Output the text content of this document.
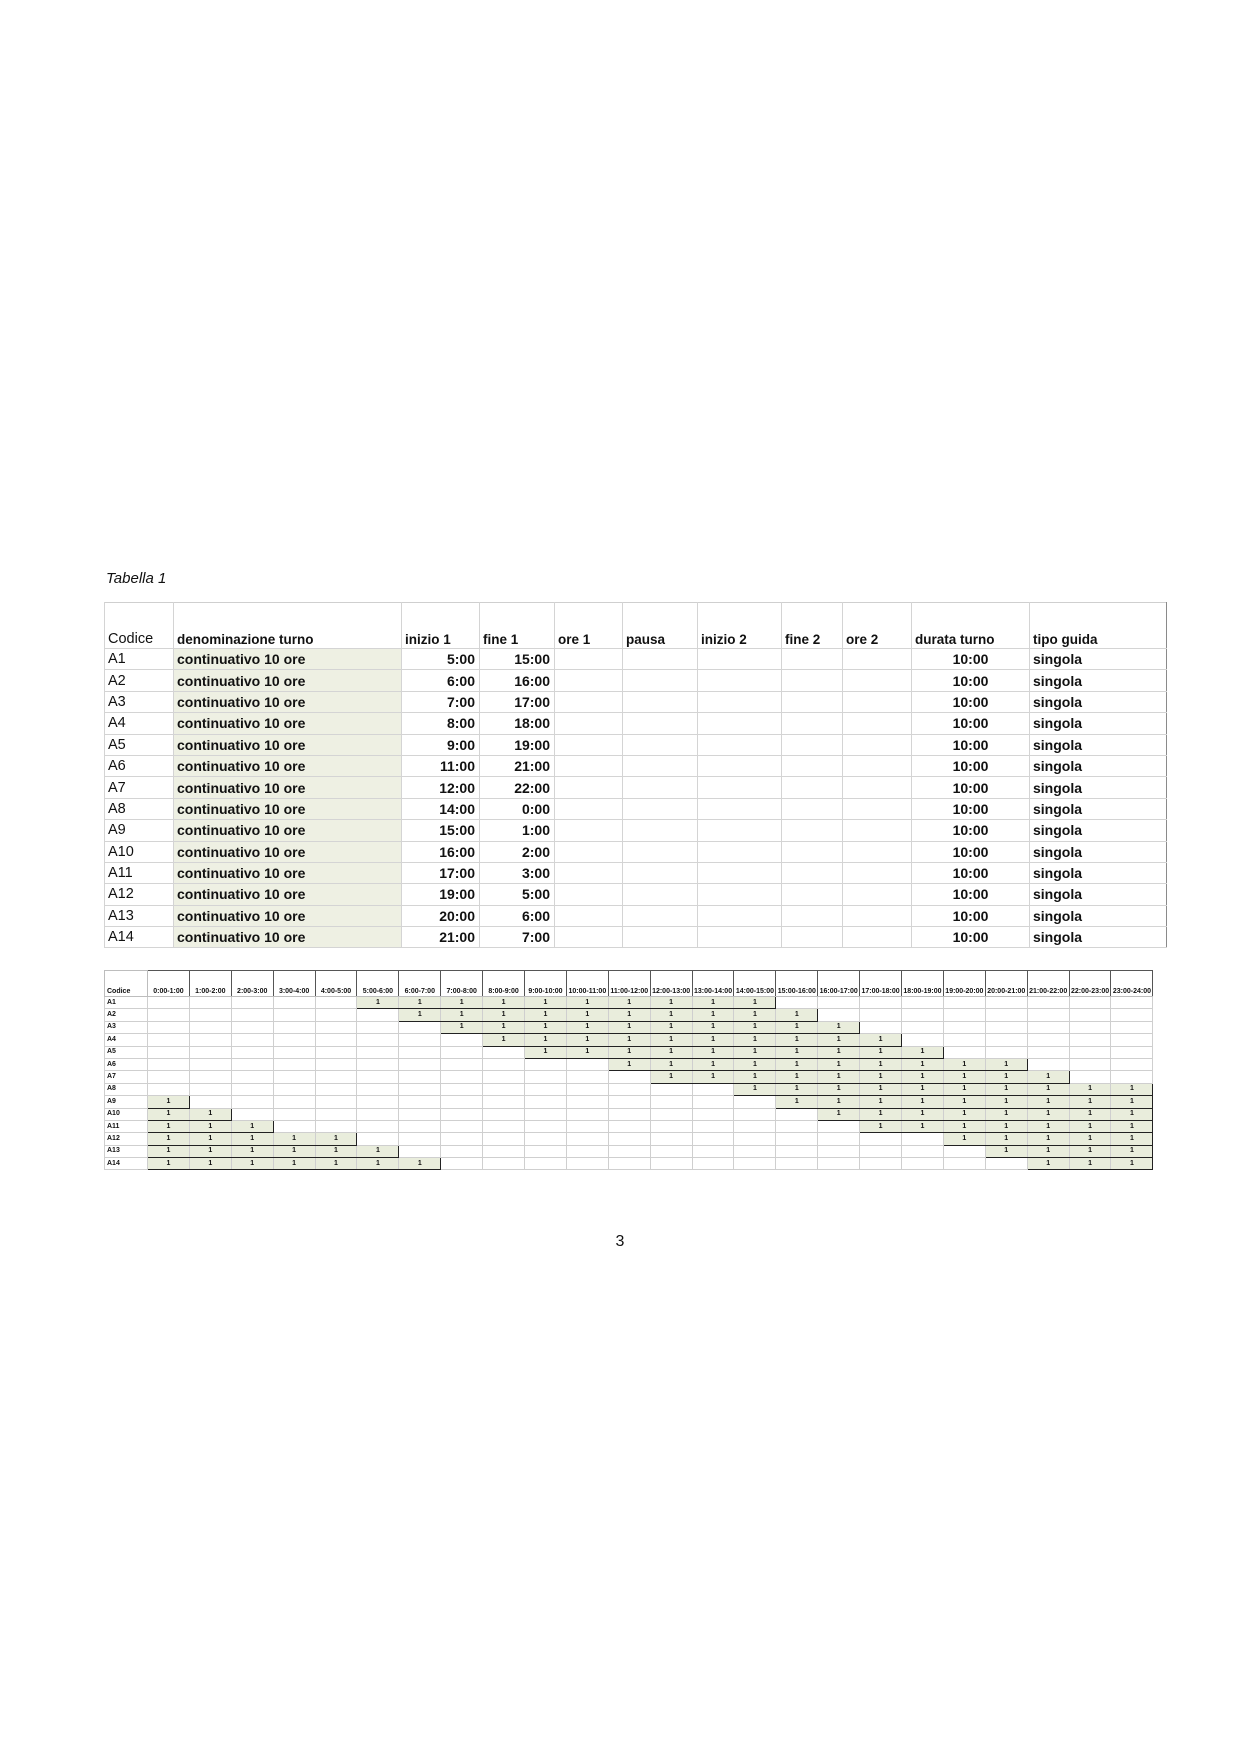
Tabella 1
Codice	denominazione turno	inizio 1	fine 1	ore 1	pausa	inizio 2	fine 2	ore 2	durata turno	tipo guida
A1	continuativo 10 ore	5:00	15:00						10:00	singola
A2	continuativo 10 ore	6:00	16:00						10:00	singola
A3	continuativo 10 ore	7:00	17:00						10:00	singola
A4	continuativo 10 ore	8:00	18:00						10:00	singola
A5	continuativo 10 ore	9:00	19:00						10:00	singola
A6	continuativo 10 ore	11:00	21:00						10:00	singola
A7	continuativo 10 ore	12:00	22:00						10:00	singola
A8	continuativo 10 ore	14:00	0:00						10:00	singola
A9	continuativo 10 ore	15:00	1:00						10:00	singola
A10	continuativo 10 ore	16:00	2:00						10:00	singola
A11	continuativo 10 ore	17:00	3:00						10:00	singola
A12	continuativo 10 ore	19:00	5:00						10:00	singola
A13	continuativo 10 ore	20:00	6:00						10:00	singola
A14	continuativo 10 ore	21:00	7:00						10:00	singola
Codice	0:00-1:00	1:00-2:00	2:00-3:00	3:00-4:00	4:00-5:00	5:00-6:00	6:00-7:00	7:00-8:00	8:00-9:00	9:00-10:00	10:00-11:00	11:00-12:00	12:00-13:00	13:00-14:00	14:00-15:00	15:00-16:00	16:00-17:00	17:00-18:00	18:00-19:00	19:00-20:00	20:00-21:00	21:00-22:00	22:00-23:00	23:00-24:00
A1						1	1	1	1	1	1	1	1	1	1									
A2							1	1	1	1	1	1	1	1	1	1								
A3								1	1	1	1	1	1	1	1	1	1							
A4									1	1	1	1	1	1	1	1	1	1						
A5										1	1	1	1	1	1	1	1	1	1					
A6												1	1	1	1	1	1	1	1	1	1			
A7													1	1	1	1	1	1	1	1	1	1		
A8															1	1	1	1	1	1	1	1	1	1
A9	1															1	1	1	1	1	1	1	1	1
A10	1	1															1	1	1	1	1	1	1	1
A11	1	1	1															1	1	1	1	1	1	1
A12	1	1	1	1	1															1	1	1	1	1
A13	1	1	1	1	1	1															1	1	1	1
A14	1	1	1	1	1	1	1															1	1	1
3
